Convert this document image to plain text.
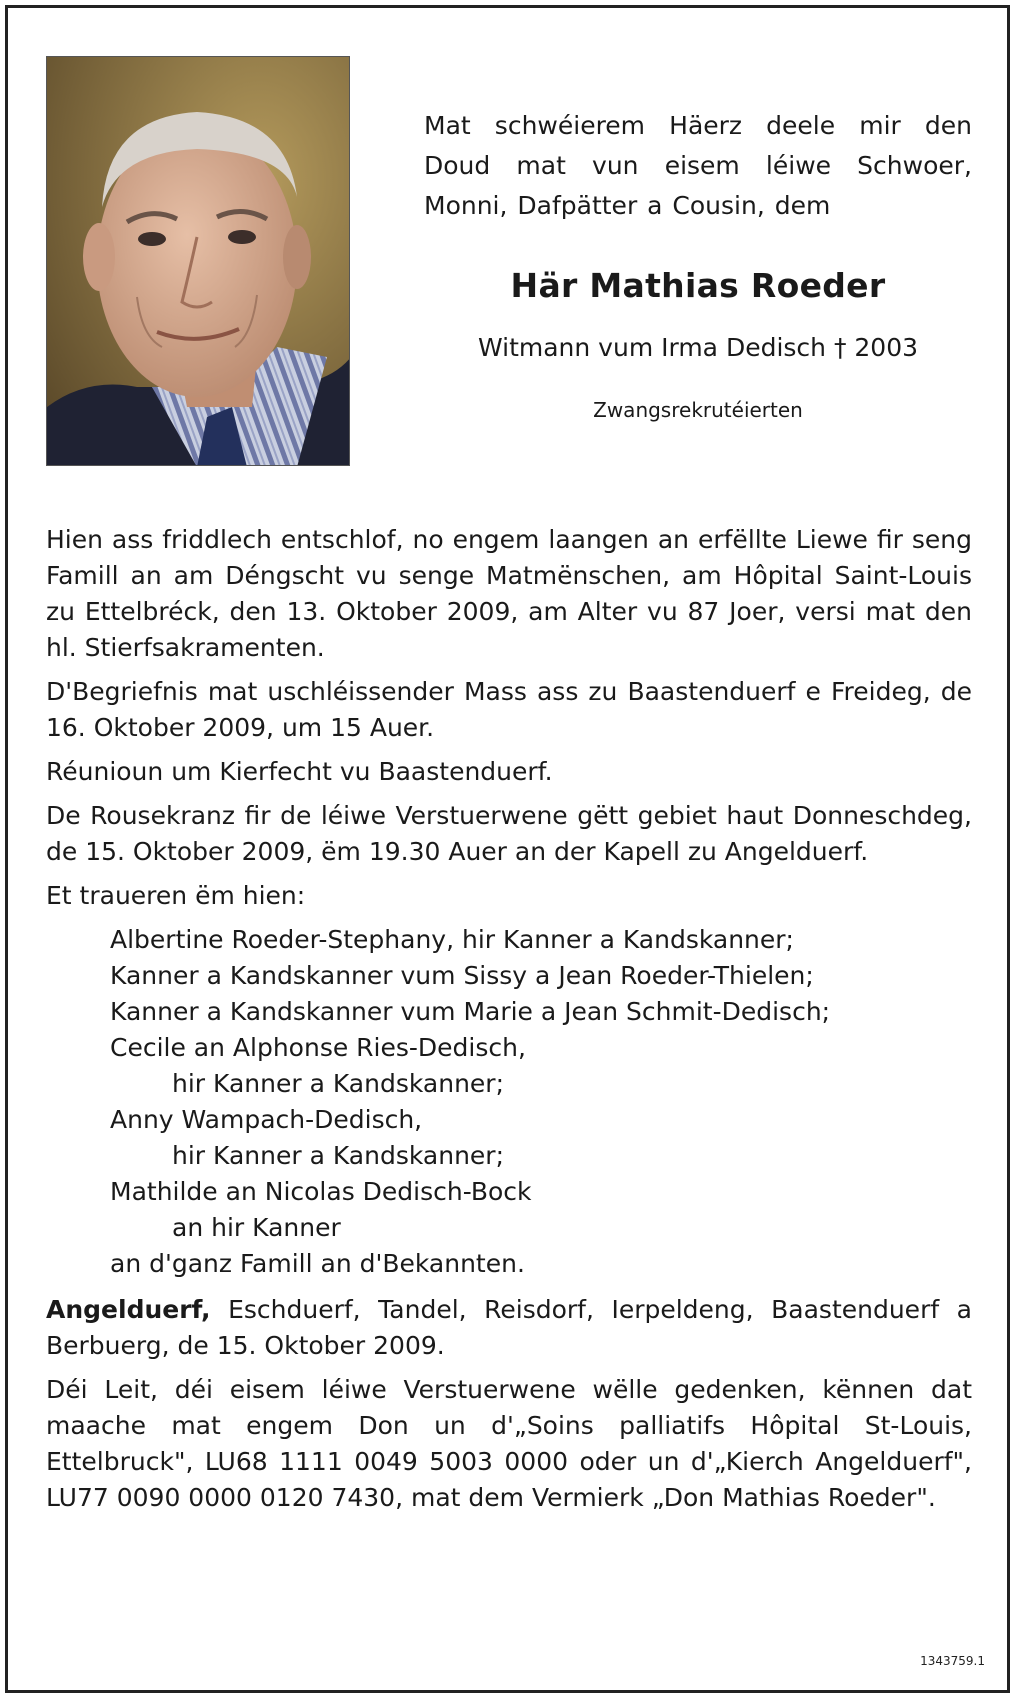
Mat schwéierem Häerz deele mir den Doud mat vun eisem léiwe Schwoer, Monni, Dafpätter a Cousin, dem
Här Mathias Roeder
Witmann vum Irma Dedisch † 2003
Zwangsrekrutéierten

Hien ass friddlech entschlof, no engem laangen an erfëllte Liewe fir seng Famill an am Déngscht vu senge Matmënschen, am Hôpital Saint-Louis zu Ettelbréck, den 13. Oktober 2009, am Alter vu 87 Joer, versi mat den hl. Stierfsakramenten.

D'Begriefnis mat uschléissender Mass ass zu Baastenduerf e Freideg, de 16. Oktober 2009, um 15 Auer.

Réunioun um Kierfecht vu Baastenduerf.

De Rousekranz fir de léiwe Verstuerwene gëtt gebiet haut Donneschdeg, de 15. Oktober 2009, ëm 19.30 Auer an der Kapell zu Angelduerf.

Et traueren ëm hien:

Albertine Roeder-Stephany, hir Kanner a Kandskanner;
Kanner a Kandskanner vum Sissy a Jean Roeder-Thielen;
Kanner a Kandskanner vum Marie a Jean Schmit-Dedisch;
Cecile an Alphonse Ries-Dedisch,
hir Kanner a Kandskanner;
Anny Wampach-Dedisch,
hir Kanner a Kandskanner;
Mathilde an Nicolas Dedisch-Bock
an hir Kanner
an d'ganz Famill an d'Bekannten.

Angelduerf, Eschduerf, Tandel, Reisdorf, Ierpeldeng, Baastenduerf a Berbuerg, de 15. Oktober 2009.

Déi Leit, déi eisem léiwe Verstuerwene wëlle gedenken, kënnen dat maache mat engem Don un d'„Soins palliatifs Hôpital St-Louis, Ettelbruck", LU68 1111 0049 5003 0000 oder un d'„Kierch Angelduerf", LU77 0090 0000 0120 7430, mat dem Vermierk „Don Mathias Roeder".

1343759.1
